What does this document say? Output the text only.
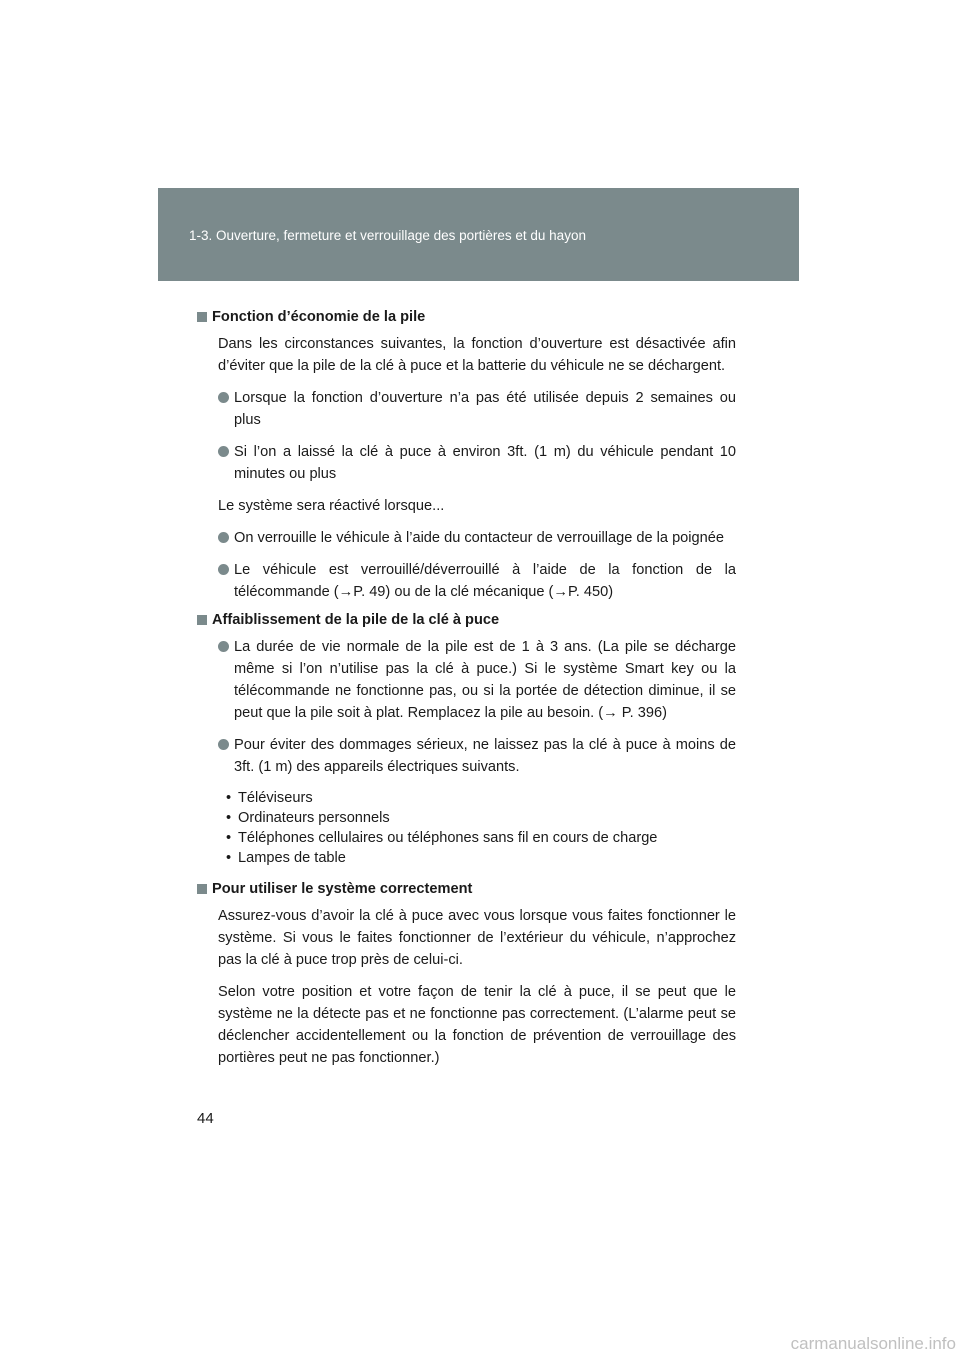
1-3. Ouverture, fermeture et verrouillage des portières et du hayon
Fonction d’économie de la pile
Dans les circonstances suivantes, la fonction d’ouverture est désactivée afin d’éviter que la pile de la clé à puce et la batterie du véhicule ne se déchargent.
Lorsque la fonction d’ouverture n’a pas été utilisée depuis 2 semaines ou plus
Si l’on a laissé la clé à puce à environ 3ft. (1 m) du véhicule pendant 10 minutes ou plus
Le système sera réactivé lorsque...
On verrouille le véhicule à l’aide du contacteur de verrouillage de la poignée
Le véhicule est verrouillé/déverrouillé à l’aide de la fonction de la télécommande (→P. 49) ou de la clé mécanique (→P. 450)
Affaiblissement de la pile de la clé à puce
La durée de vie normale de la pile est de 1 à 3 ans. (La pile se décharge même si l’on n’utilise pas la clé à puce.) Si le système Smart key ou la télécommande ne fonctionne pas, ou si la portée de détection diminue, il se peut que la pile soit à plat. Remplacez la pile au besoin. (→ P. 396)
Pour éviter des dommages sérieux, ne laissez pas la clé à puce à moins de 3ft. (1 m) des appareils électriques suivants.
• Téléviseurs
• Ordinateurs personnels
• Téléphones cellulaires ou téléphones sans fil en cours de charge
• Lampes de table
Pour utiliser le système correctement
Assurez-vous d’avoir la clé à puce avec vous lorsque vous faites fonctionner le système. Si vous le faites fonctionner de l’extérieur du véhicule, n’approchez pas la clé à puce trop près de celui-ci.
Selon votre position et votre façon de tenir la clé à puce, il se peut que le système ne la détecte pas et ne fonctionne pas correctement. (L’alarme peut se déclencher accidentellement ou la fonction de prévention de verrouillage des portières peut ne pas fonctionner.)
44
carmanualsonline.info
